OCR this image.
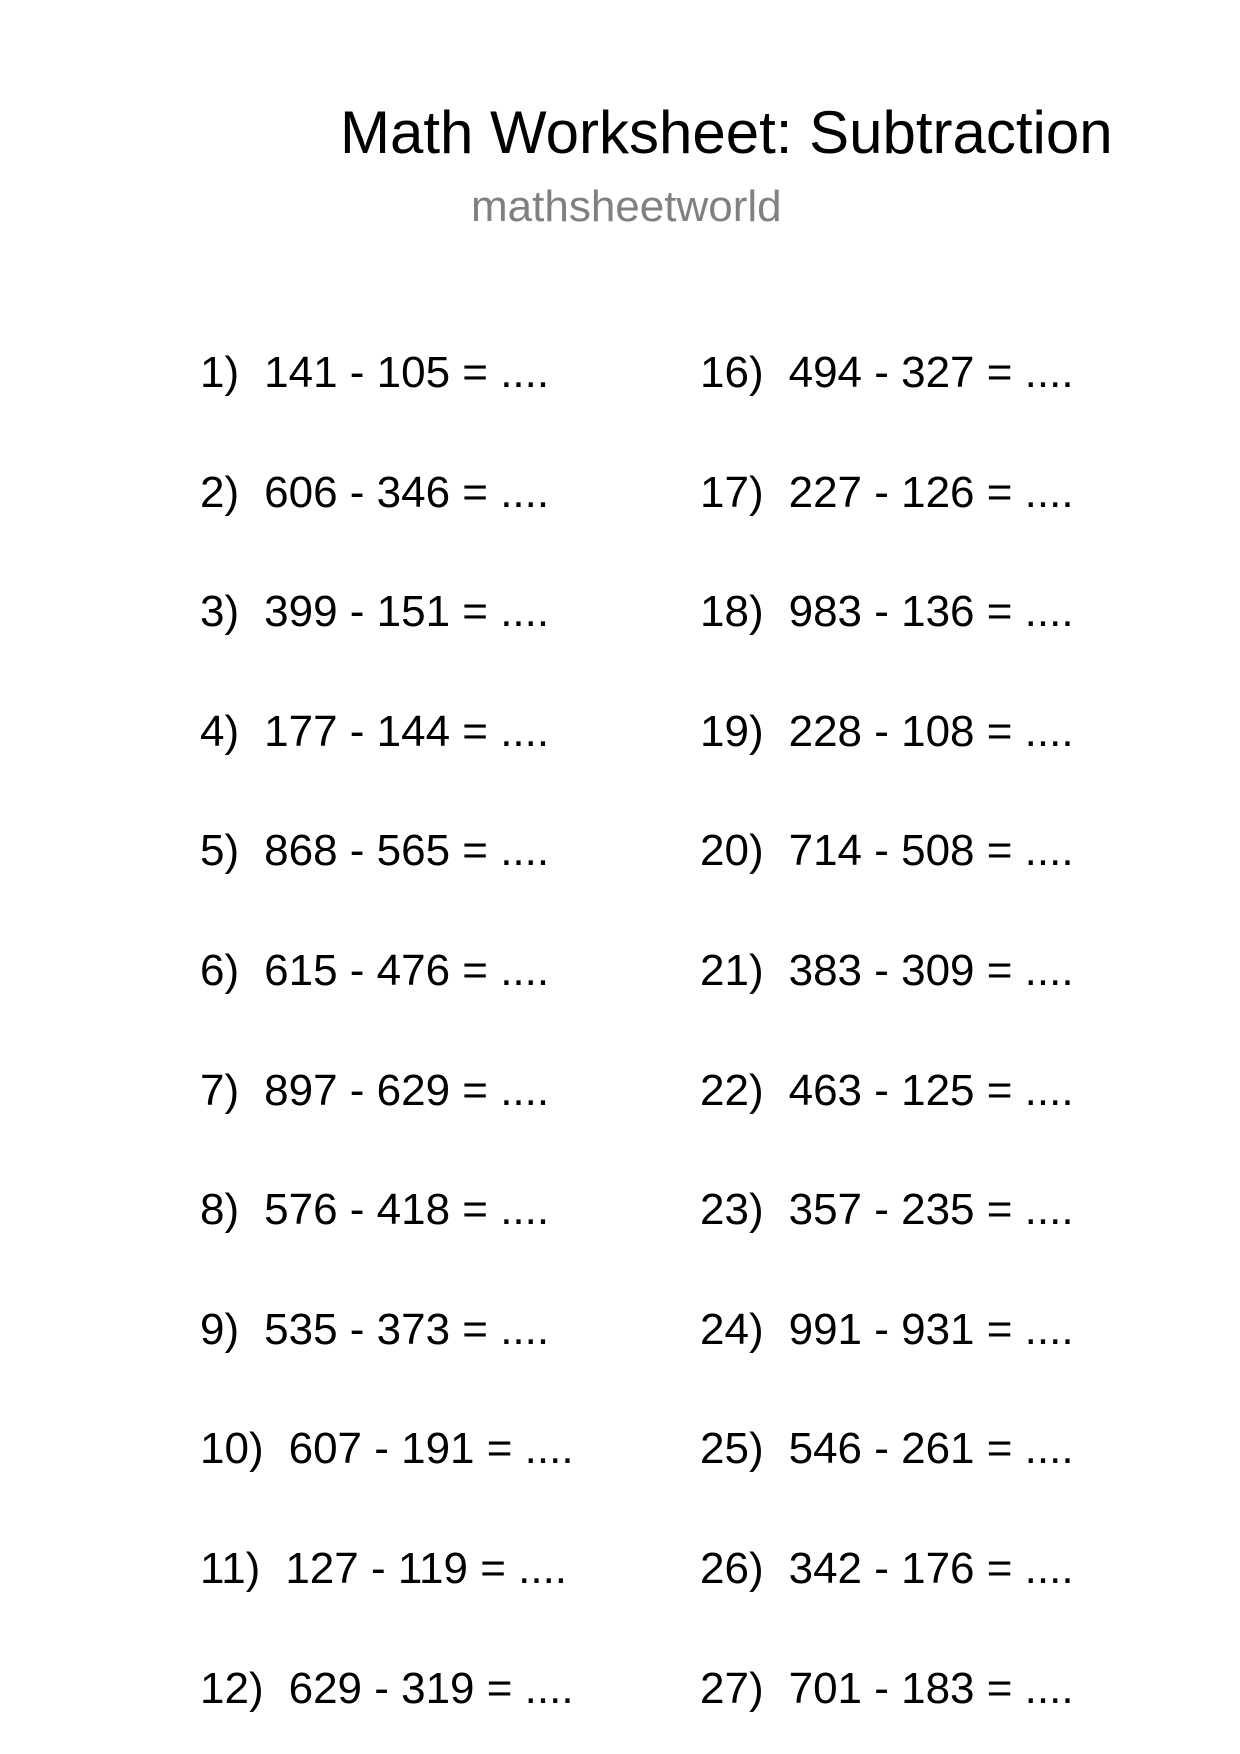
Math Worksheet: Subtraction
mathsheetworld
1) 141 - 105 = ....
2) 606 - 346 = ....
3) 399 - 151 = ....
4) 177 - 144 = ....
5) 868 - 565 = ....
6) 615 - 476 = ....
7) 897 - 629 = ....
8) 576 - 418 = ....
9) 535 - 373 = ....
10) 607 - 191 = ....
11) 127 - 119 = ....
12) 629 - 319 = ....
16) 494 - 327 = ....
17) 227 - 126 = ....
18) 983 - 136 = ....
19) 228 - 108 = ....
20) 714 - 508 = ....
21) 383 - 309 = ....
22) 463 - 125 = ....
23) 357 - 235 = ....
24) 991 - 931 = ....
25) 546 - 261 = ....
26) 342 - 176 = ....
27) 701 - 183 = ....
